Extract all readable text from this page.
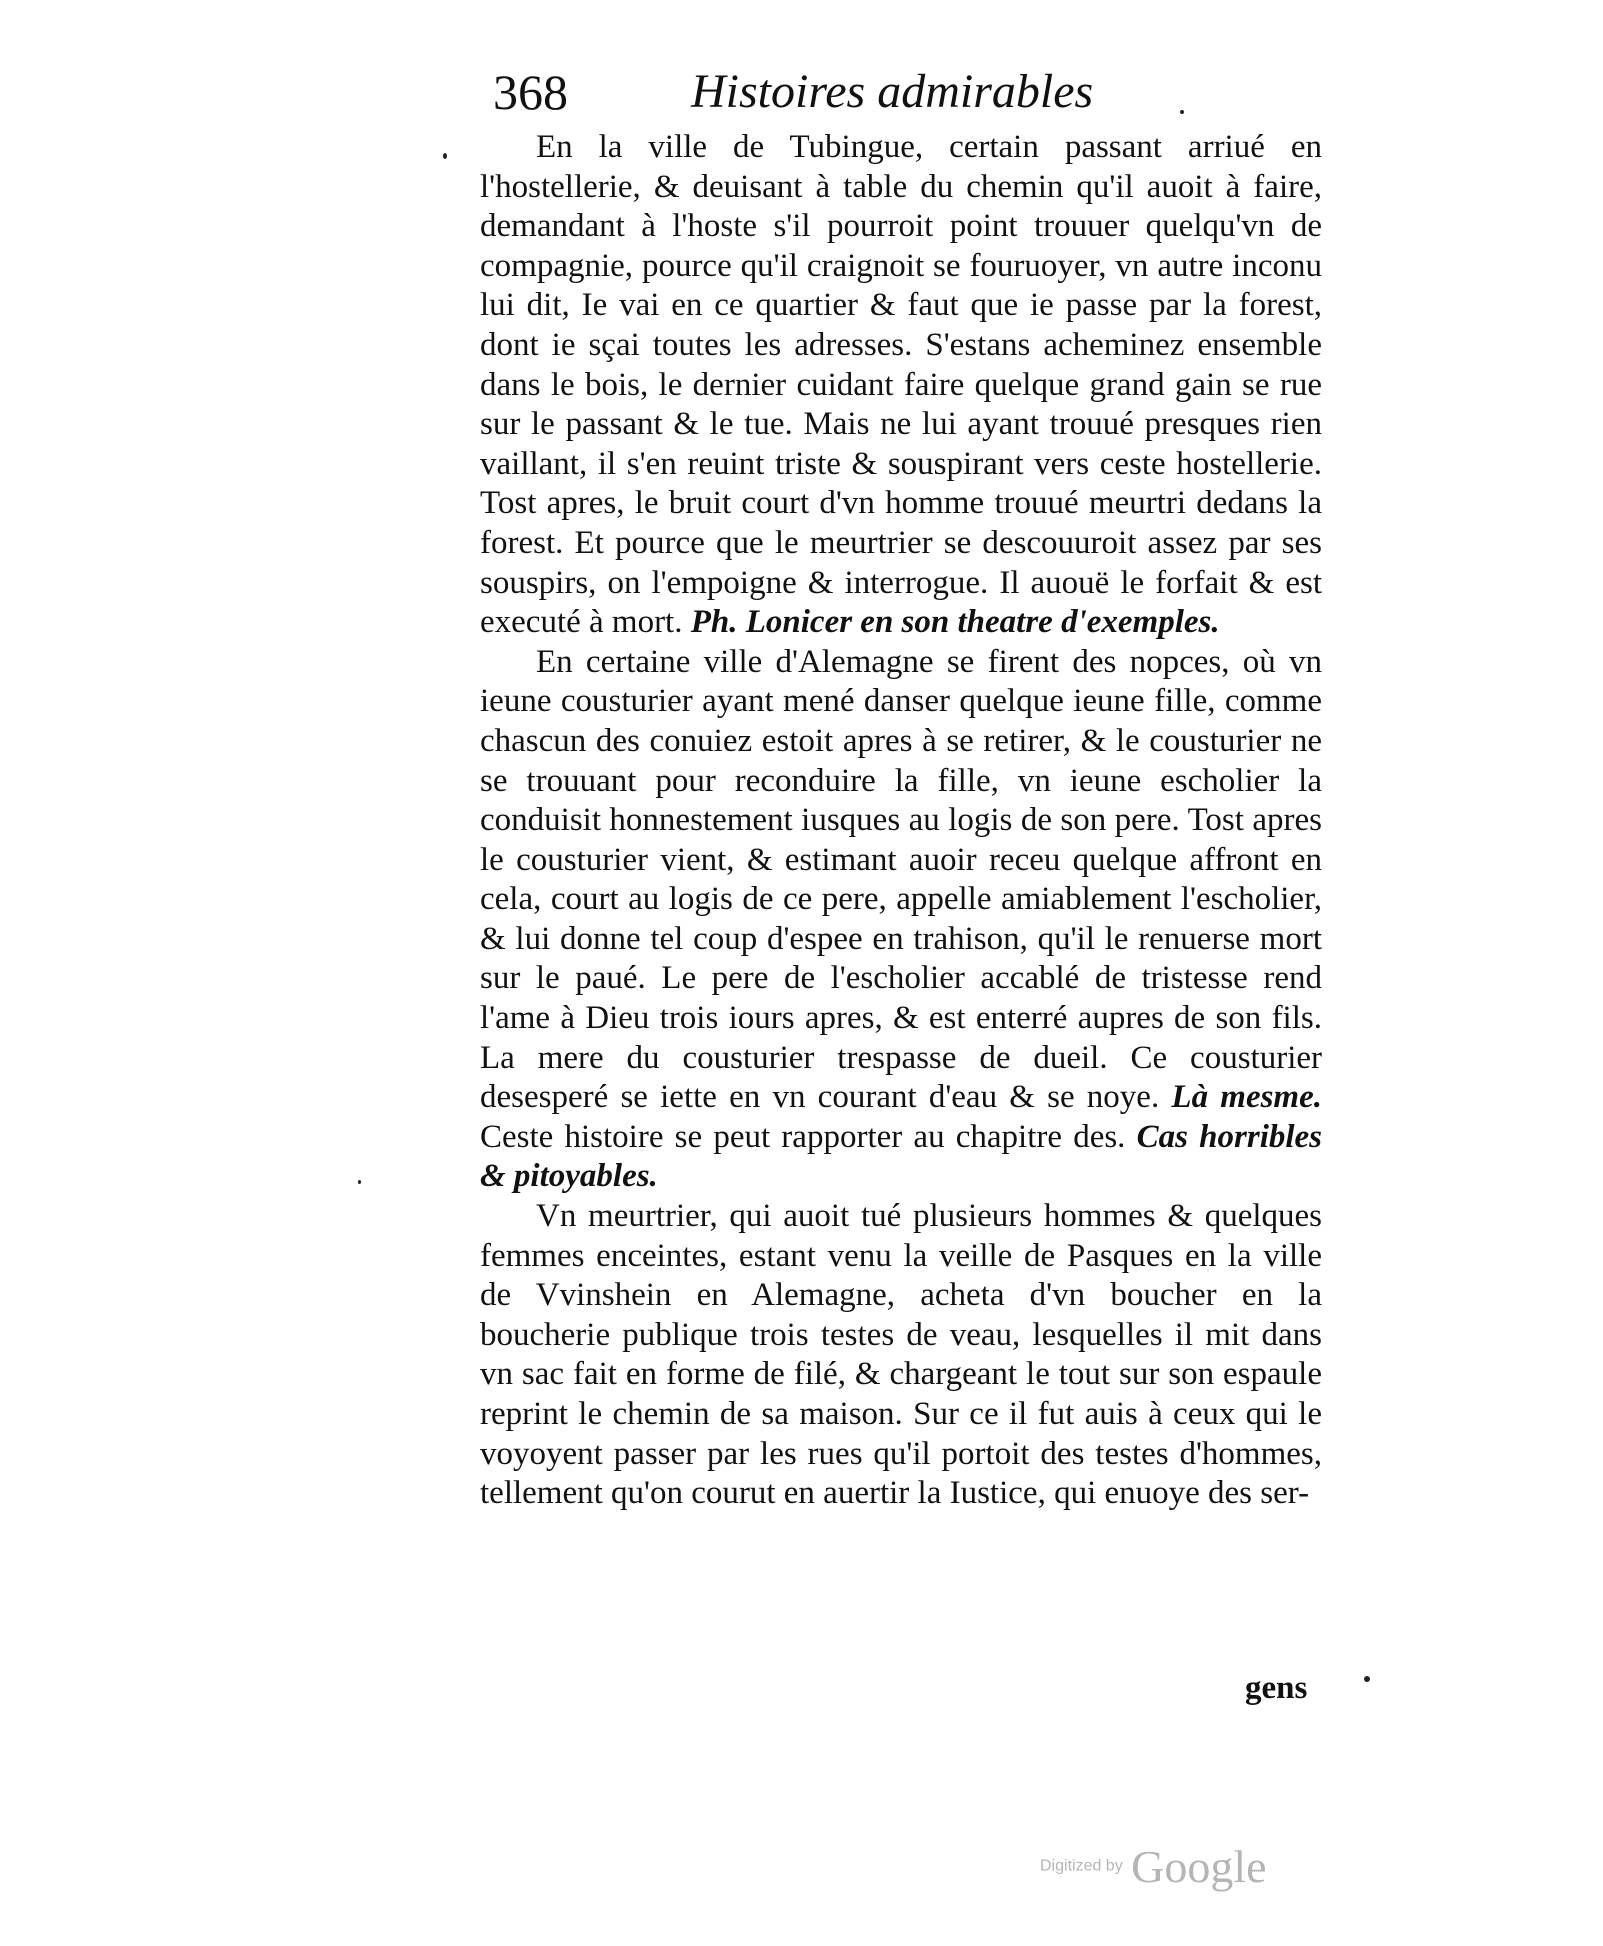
368	Histoires admirables

En la ville de Tubingue, certain passant arriué en l'hostellerie, & deuisant à table du chemin qu'il auoit à faire, demandant à l'hoste s'il pourroit point trouuer quelqu'vn de compagnie, pource qu'il craignoit se fouruoyer, vn autre inconu lui dit, Ie vai en ce quartier & faut que ie passe par la forest, dont ie sçai toutes les adresses. S'estans acheminez ensemble dans le bois, le dernier cuidant faire quelque grand gain se rue sur le passant & le tue. Mais ne lui ayant trouué presques rien vaillant, il s'en reuint triste & souspirant vers ceste hostellerie. Tost apres, le bruit court d'vn homme trouué meurtri dedans la forest. Et pource que le meurtrier se descouuroit assez par ses souspirs, on l'empoigne & interrogue. Il auouë le forfait & est executé à mort. Ph. Lonicer en son theatre d'exemples.

En certaine ville d'Alemagne se firent des nopces, où vn ieune cousturier ayant mené danser quelque ieune fille, comme chascun des conuiez estoit apres à se retirer, & le cousturier ne se trouuant pour reconduire la fille, vn ieune escholier la conduisit honnestement iusques au logis de son pere. Tost apres le cousturier vient, & estimant auoir receu quelque affront en cela, court au logis de ce pere, appelle amiablement l'escholier, & lui donne tel coup d'espee en trahison, qu'il le renuerse mort sur le paué. Le pere de l'escholier accablé de tristesse rend l'ame à Dieu trois iours apres, & est enterré aupres de son fils. La mere du cousturier trespasse de dueil. Ce cousturier desesperé se iette en vn courant d'eau & se noye. Là mesme. Ceste histoire se peut rapporter au chapitre des. Cas horribles & pitoyables.

Vn meurtrier, qui auoit tué plusieurs hommes & quelques femmes enceintes, estant venu la veille de Pasques en la ville de Vvinshein en Alemagne, acheta d'vn boucher en la boucherie publique trois testes de veau, lesquelles il mit dans vn sac fait en forme de filé, & chargeant le tout sur son espaule reprint le chemin de sa maison. Sur ce il fut auis à ceux qui le voyoyent passer par les rues qu'il portoit des testes d'hommes, tellement qu'on courut en auertir la Iustice, qui enuoye des ser-

gens
Digitized by Google
